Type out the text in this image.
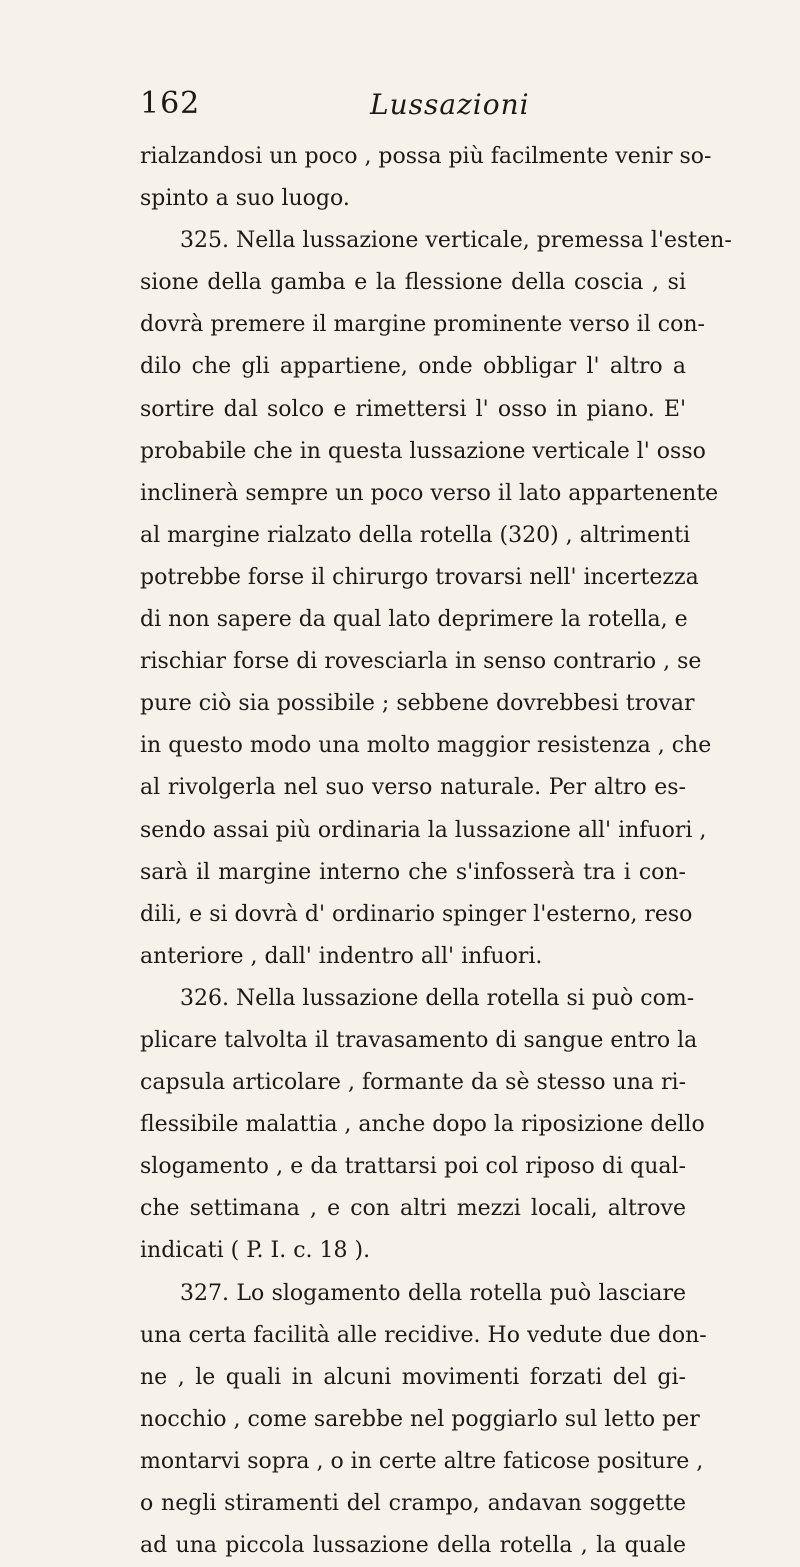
162	Lussazioni
rialzandosi un poco , possa più facilmente venir so-
spinto a suo luogo.
325. Nella lussazione verticale, premessa l'esten-
sione della gamba e la flessione della coscia , si
dovrà premere il margine prominente verso il con-
dilo che gli appartiene, onde obbligar l' altro a
sortire dal solco e rimettersi l' osso in piano. E'
probabile che in questa lussazione verticale l' osso
inclinerà sempre un poco verso il lato appartenente
al margine rialzato della rotella (320) , altrimenti
potrebbe forse il chirurgo trovarsi nell' incertezza
di non sapere da qual lato deprimere la rotella, e
rischiar forse di rovesciarla in senso contrario , se
pure ciò sia possibile ; sebbene dovrebbesi trovar
in questo modo una molto maggior resistenza , che
al rivolgerla nel suo verso naturale. Per altro es-
sendo assai più ordinaria la lussazione all' infuori ,
sarà il margine interno che s'infosserà tra i con-
dili, e si dovrà d' ordinario spinger l'esterno, reso
anteriore , dall' indentro all' infuori.
326. Nella lussazione della rotella si può com-
plicare talvolta il travasamento di sangue entro la
capsula articolare , formante da sè stesso una ri-
flessibile malattia , anche dopo la riposizione dello
slogamento , e da trattarsi poi col riposo di qual-
che settimana , e con altri mezzi locali, altrove
indicati ( P. I. c. 18 ).
327. Lo slogamento della rotella può lasciare
una certa facilità alle recidive. Ho vedute due don-
ne , le quali in alcuni movimenti forzati del gi-
nocchio , come sarebbe nel poggiarlo sul letto per
montarvi sopra , o in certe altre faticose positure ,
o negli stiramenti del crampo, andavan soggette
ad una piccola lussazione della rotella , la quale
